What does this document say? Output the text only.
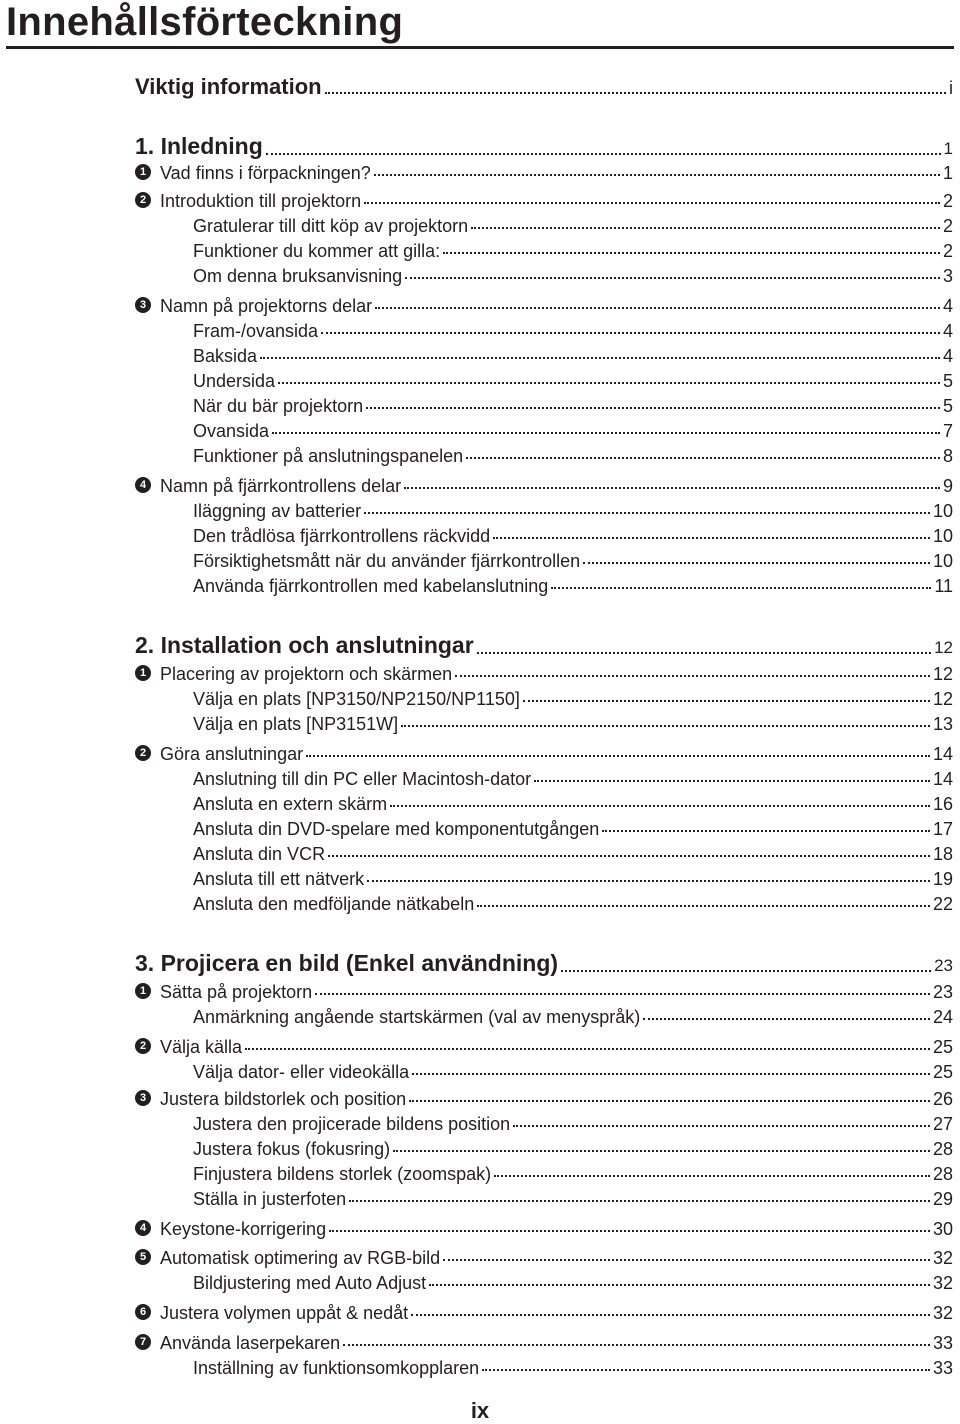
Innehållsförteckning
Viktig information	i
1. Inledning	1
1 Vad finns i förpackningen?	1
2 Introduktion till projektorn	2
Gratulerar till ditt köp av projektorn	2
Funktioner du kommer att gilla:	2
Om denna bruksanvisning	3
3 Namn på projektorns delar	4
Fram-/ovansida	4
Baksida	4
Undersida	5
När du bär projektorn	5
Ovansida	7
Funktioner på anslutningspanelen	8
4 Namn på fjärrkontrollens delar	9
Iläggning av batterier	10
Den trådlösa fjärrkontrollens räckvidd	10
Försiktighetsmått när du använder fjärrkontrollen	10
Använda fjärrkontrollen med kabelanslutning	11
2. Installation och anslutningar	12
1 Placering av projektorn och skärmen	12
Välja en plats [NP3150/NP2150/NP1150]	12
Välja en plats [NP3151W]	13
2 Göra anslutningar	14
Anslutning till din PC eller Macintosh-dator	14
Ansluta en extern skärm	16
Ansluta din DVD-spelare med komponentutgången	17
Ansluta din VCR	18
Ansluta till ett nätverk	19
Ansluta den medföljande nätkabeln	22
3. Projicera en bild (Enkel användning)	23
1 Sätta på projektorn	23
Anmärkning angående startskärmen (val av menyspråk)	24
2 Välja källa	25
Välja dator- eller videokälla	25
3 Justera bildstorlek och position	26
Justera den projicerade bildens position	27
Justera fokus (fokusring)	28
Finjustera bildens storlek (zoomspak)	28
Ställa in justerfoten	29
4 Keystone-korrigering	30
5 Automatisk optimering av RGB-bild	32
Bildjustering med Auto Adjust	32
6 Justera volymen uppåt & nedåt	32
7 Använda laserpekaren	33
Inställning av funktionsomkopplaren	33
ix
